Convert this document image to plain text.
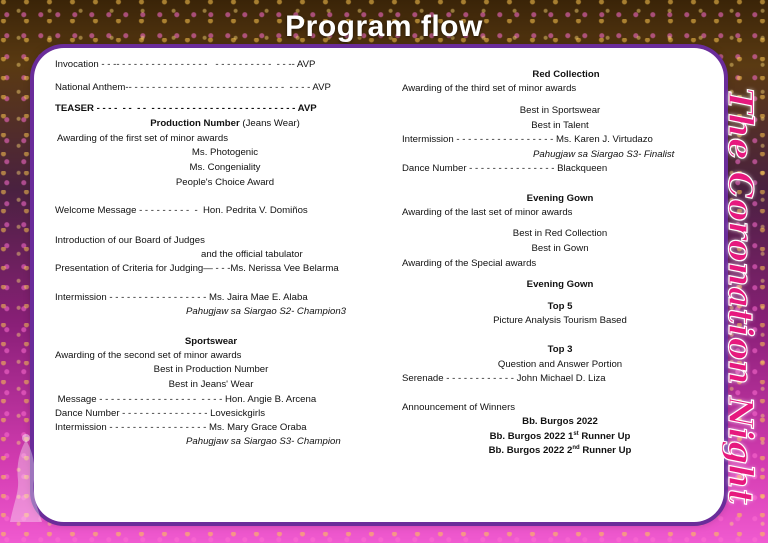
Program flow
The Coronation Night
Invocation - - -- - - - - - - - - - - - - - - -   - - - - - - - - - -  - - -- AVP
National Anthem-- - - - - - - - - - - - - - - - - - - - - - - - - - -  - - - - AVP
TEASER - - - -  - -  - -  - - - - - - - - - - - - - - - - - - - - - - - - - AVP
Production Number (Jeans Wear)
Awarding of the first set of minor awards
Ms. Photogenic
Ms. Congeniality
People's Choice Award
Welcome Message - - - - - - - - -  -  Hon. Pedrita V. Domiños
Introduction of our Board of Judges
and the official tabulator
Presentation of Criteria for Judging— - - -Ms. Nerissa Vee Belarma
Intermission - - - - - - - - - - - - - - - - - Ms. Jaira Mae E. Alaba
Pahugjaw sa Siargao S2- Champion3
Sportswear
Awarding of the second set of minor awards
Best in Production Number
Best in Jeans' Wear
Message - - - - - - - - - - - - - - - - -  - - - - Hon. Angie B. Arcena
Dance Number - - - - - - - - - - - - - - - Lovesickgirls
Intermission - - - - - - - - - - - - - - - - - Ms. Mary Grace Oraba
Pahugjaw sa Siargao S3- Champion
Red Collection
Awarding of the third set of minor awards
Best in Sportswear
Best in Talent
Intermission - - - - - - - - - - - - - - - - - Ms. Karen J. Virtudazo
Pahugjaw sa Siargao S3- Finalist
Dance Number - - - - - - - - - - - - - - - Blackqueen
Evening Gown
Awarding of the last set of minor awards
Best in Red Collection
Best in Gown
Awarding of the Special awards
Evening Gown
Top 5
Picture Analysis Tourism Based
Top 3
Question and Answer Portion
Serenade - - - - - - - - - - - - John Michael D. Liza
Announcement of Winners
Bb. Burgos 2022
Bb. Burgos 2022 1st Runner Up
Bb. Burgos 2022 2nd Runner Up
